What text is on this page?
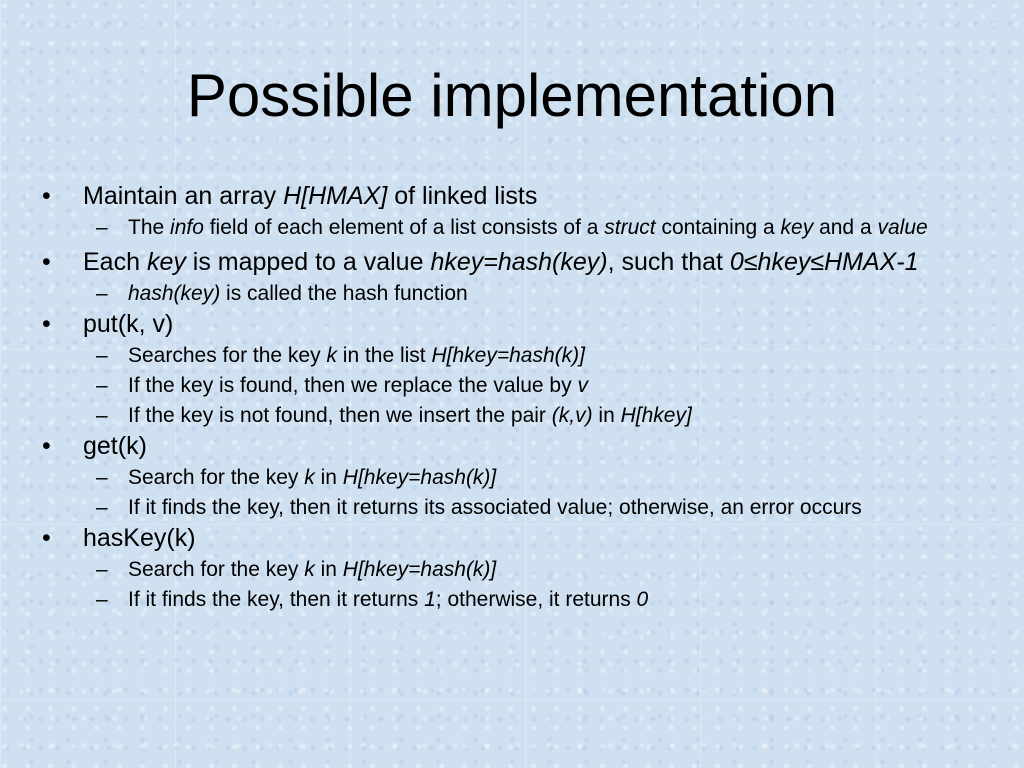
Possible implementation
•	Maintain an array H[HMAX] of linked lists
– The info field of each element of a list consists of a struct containing a key and a value
•	Each key is mapped to a value hkey=hash(key), such that 0≤hkey≤HMAX-1
– hash(key) is called the hash function
•	put(k, v)
– Searches for the key k in the list H[hkey=hash(k)]
– If the key is found, then we replace the value by v
– If the key is not found, then we insert the pair (k,v) in H[hkey]
•	get(k)
– Search for the key k in H[hkey=hash(k)]
– If it finds the key, then it returns its associated value; otherwise, an error occurs
•	hasKey(k)
– Search for the key k in H[hkey=hash(k)]
– If it finds the key, then it returns 1; otherwise, it returns 0
